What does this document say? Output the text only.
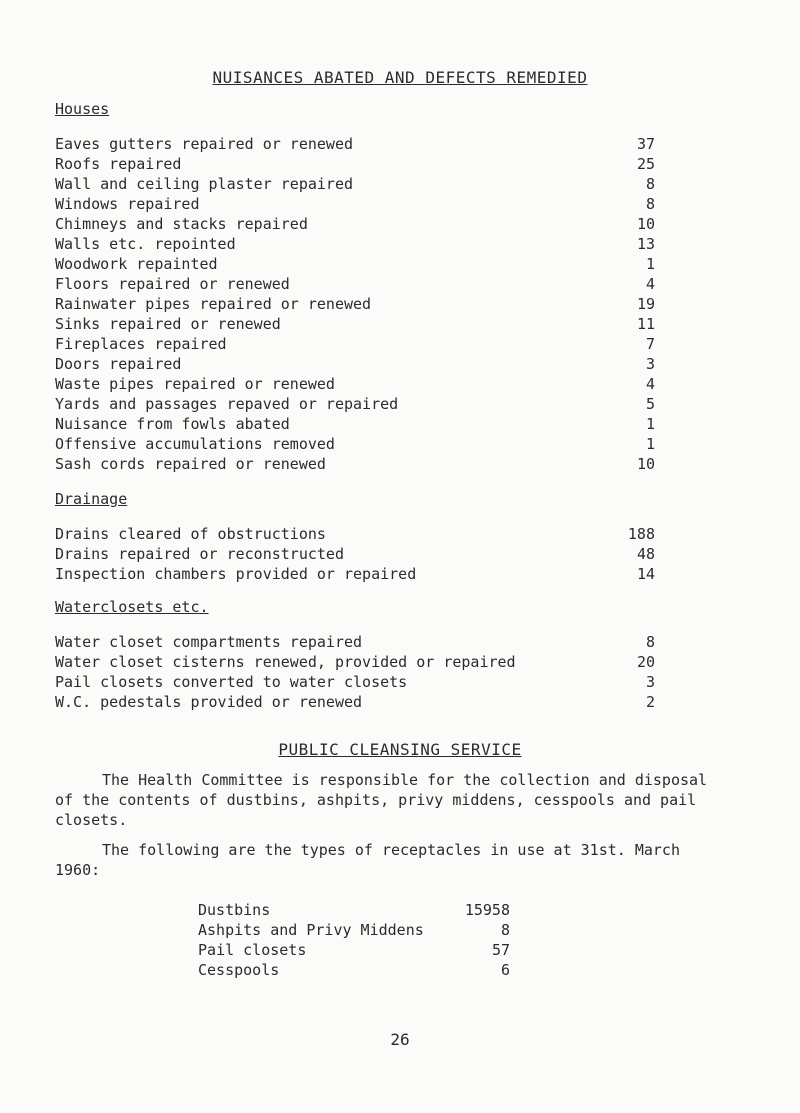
NUISANCES ABATED AND DEFECTS REMEDIED
Houses
Eaves gutters repaired or renewed	37
Roofs repaired	25
Wall and ceiling plaster repaired	8
Windows repaired	8
Chimneys and stacks repaired	10
Walls etc. repointed	13
Woodwork repainted	1
Floors repaired or renewed	4
Rainwater pipes repaired or renewed	19
Sinks repaired or renewed	11
Fireplaces repaired	7
Doors repaired	3
Waste pipes repaired or renewed	4
Yards and passages repaved or repaired	5
Nuisance from fowls abated	1
Offensive accumulations removed	1
Sash cords repaired or renewed	10
Drainage
Drains cleared of obstructions	188
Drains repaired or reconstructed	48
Inspection chambers provided or repaired	14
Waterclosets etc.
Water closet compartments repaired	8
Water closet cisterns renewed, provided or repaired	20
Pail closets converted to water closets	3
W.C. pedestals provided or renewed	2
PUBLIC CLEANSING SERVICE
The Health Committee is responsible for the collection and disposal of the contents of dustbins, ashpits, privy middens, cesspools and pail closets.
The following are the types of receptacles in use at 31st. March 1960:
Dustbins	15958
Ashpits and Privy Middens	8
Pail closets	57
Cesspools	6
26
